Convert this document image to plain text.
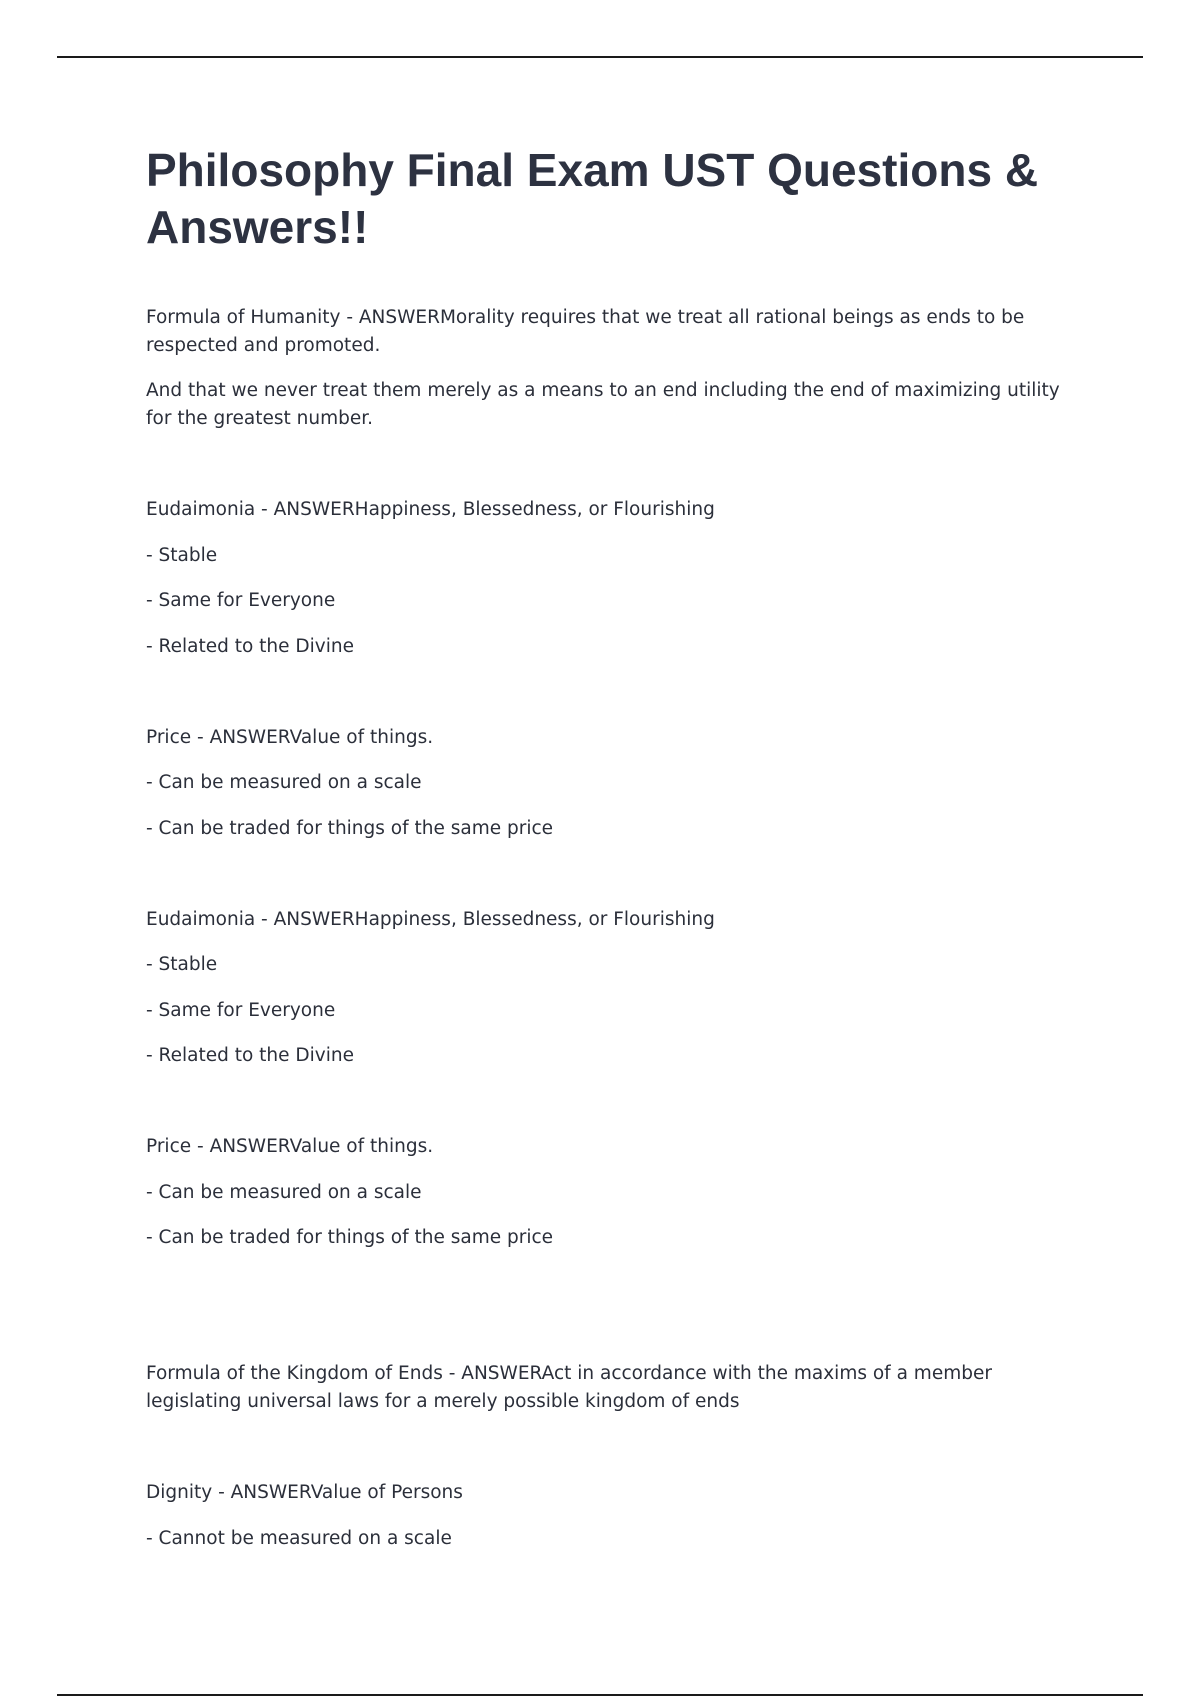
Philosophy Final Exam UST Questions & Answers!!

Formula of Humanity - ANSWERMorality requires that we treat all rational beings as ends to be respected and promoted.

And that we never treat them merely as a means to an end including the end of maximizing utility for the greatest number.

Eudaimonia - ANSWERHappiness, Blessedness, or Flourishing

- Stable

- Same for Everyone

- Related to the Divine

Price - ANSWERValue of things.

- Can be measured on a scale

- Can be traded for things of the same price

Eudaimonia - ANSWERHappiness, Blessedness, or Flourishing

- Stable

- Same for Everyone

- Related to the Divine

Price - ANSWERValue of things.

- Can be measured on a scale

- Can be traded for things of the same price

Formula of the Kingdom of Ends - ANSWERAct in accordance with the maxims of a member legislating universal laws for a merely possible kingdom of ends

Dignity - ANSWERValue of Persons

- Cannot be measured on a scale
